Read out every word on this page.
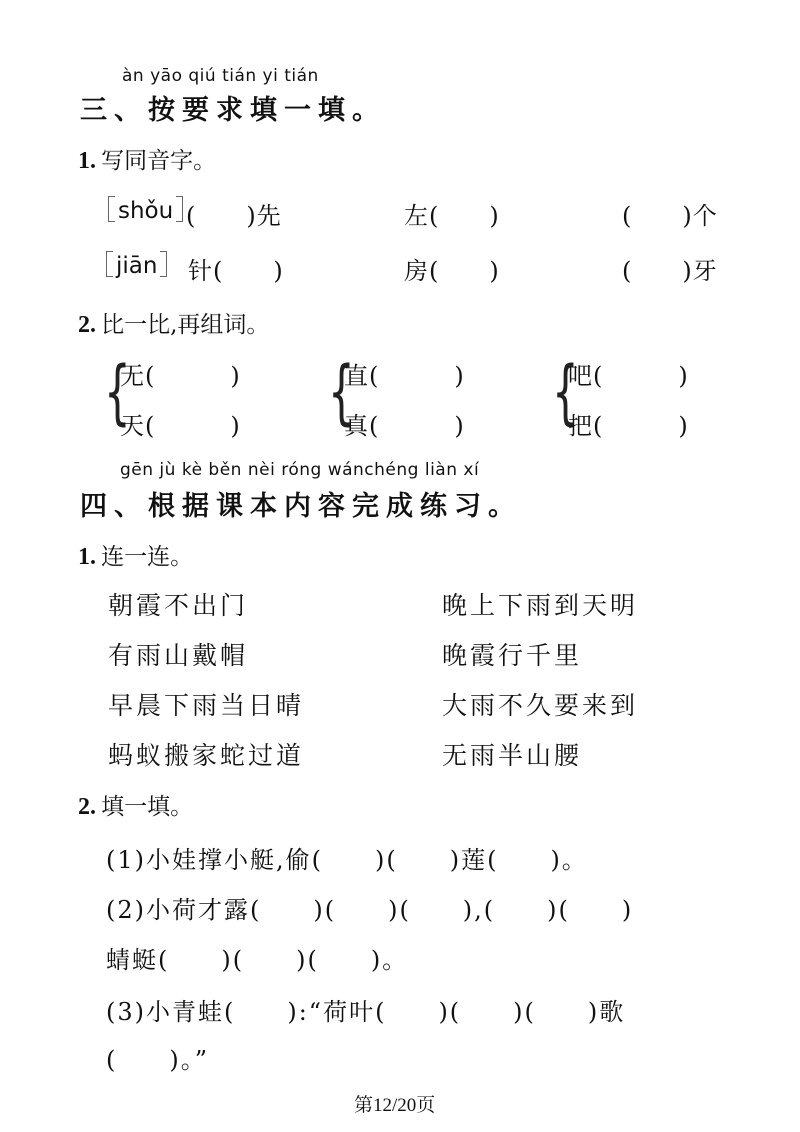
àn yāo qiú tián yi tián
三、按要求填一填。
1. 写同音字。
shǒu (　　)先	左(　　)	(　　)个
jiān	针(　　)	房(　　)	(　　)牙
2. 比一比,再组词。
{
无(　　　)
天(　　　) {
直(　　　)
真(　　　) {
吧(　　　)
把(　　　)
gēn jù kè běn nèi róng wánchéng liàn xí
四、根据课本内容完成练习。
1. 连一连。
朝霞不出门
有雨山戴帽
早晨下雨当日晴
蚂蚁搬家蛇过道
晚上下雨到天明
晚霞行千里
大雨不久要来到
无雨半山腰
2. 填一填。
(1)小娃撑小艇,偷(　　)(　　)莲(　　)。
(2)小荷才露(　　)(　　)(　　),(　　)(　　)
蜻蜓(　　)(　　)(　　)。
(3)小青蛙(　　):“荷叶(　　)(　　)(　　)歌
(　　)。”
第12/20页
